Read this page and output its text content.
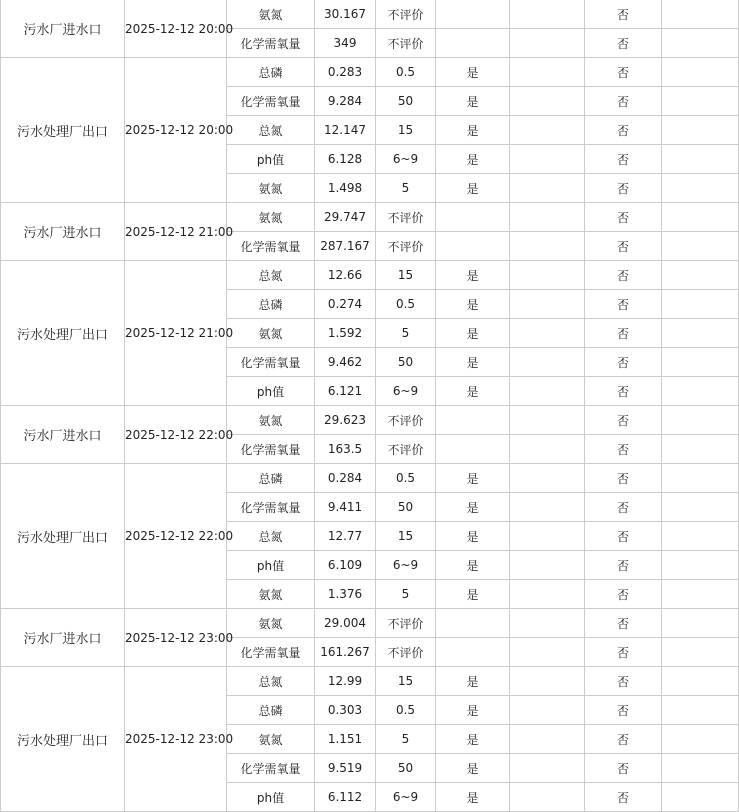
污水厂进水口	2025-12-12 20:00	氨氮	30.167	不评价			否	
		化学需氧量	349	不评价			否	
污水处理厂出口	2025-12-12 20:00	总磷	0.283	0.5	是		否	
		化学需氧量	9.284	50	是		否	
		总氮	12.147	15	是		否	
		ph值	6.128	6~9	是		否	
		氨氮	1.498	5	是		否	
污水厂进水口	2025-12-12 21:00	氨氮	29.747	不评价			否	
		化学需氧量	287.167	不评价			否	
污水处理厂出口	2025-12-12 21:00	总氮	12.66	15	是		否	
		总磷	0.274	0.5	是		否	
		氨氮	1.592	5	是		否	
		化学需氧量	9.462	50	是		否	
		ph值	6.121	6~9	是		否	
污水厂进水口	2025-12-12 22:00	氨氮	29.623	不评价			否	
		化学需氧量	163.5	不评价			否	
污水处理厂出口	2025-12-12 22:00	总磷	0.284	0.5	是		否	
		化学需氧量	9.411	50	是		否	
		总氮	12.77	15	是		否	
		ph值	6.109	6~9	是		否	
		氨氮	1.376	5	是		否	
污水厂进水口	2025-12-12 23:00	氨氮	29.004	不评价			否	
		化学需氧量	161.267	不评价			否	
污水处理厂出口	2025-12-12 23:00	总氮	12.99	15	是		否	
		总磷	0.303	0.5	是		否	
		氨氮	1.151	5	是		否	
		化学需氧量	9.519	50	是		否	
		ph值	6.112	6~9	是		否	
